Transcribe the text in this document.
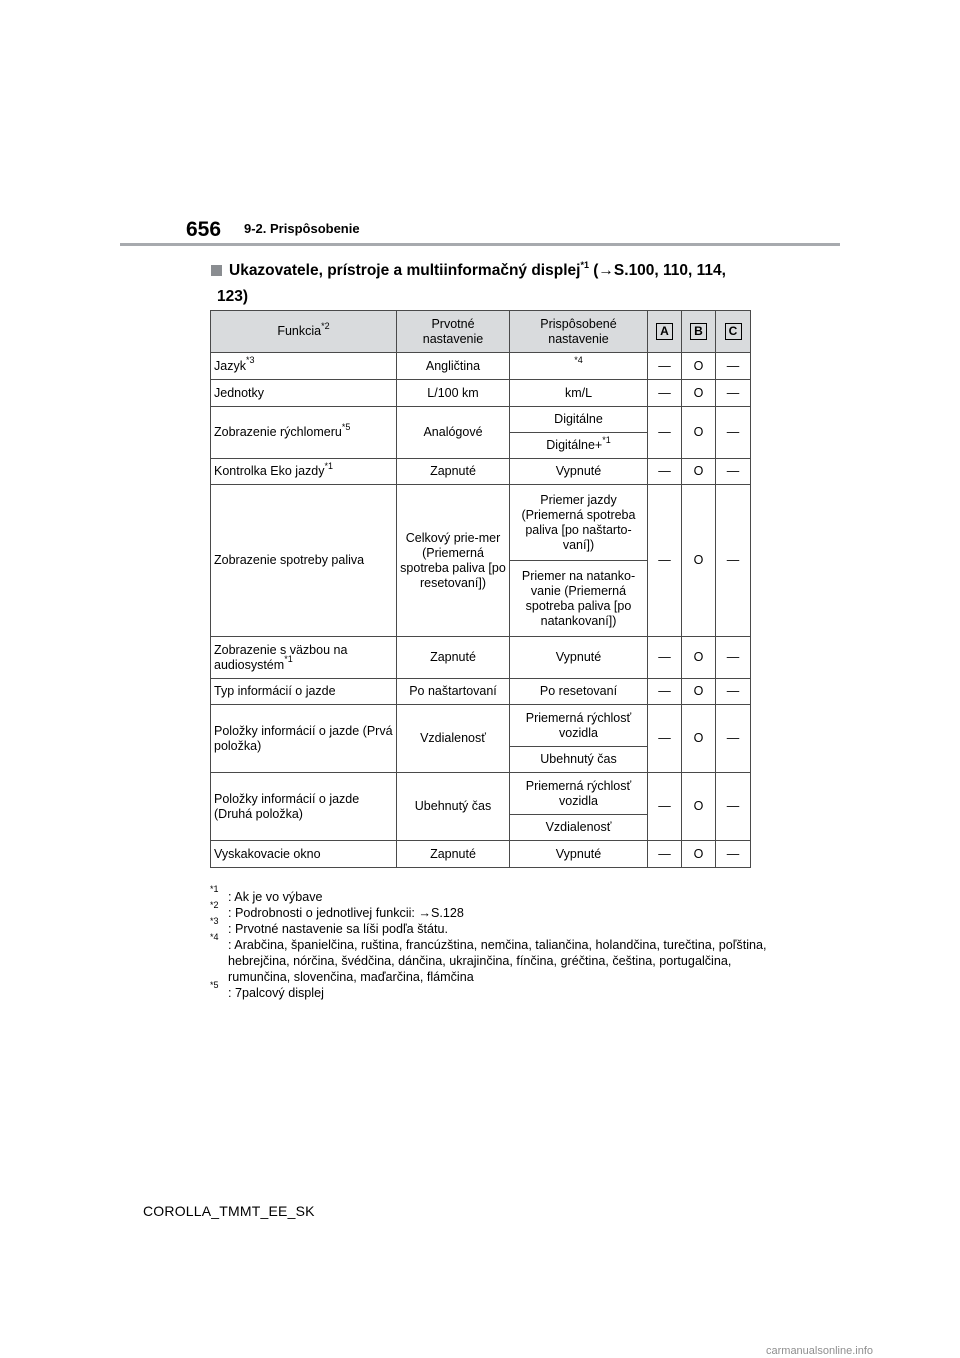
656 9-2. Prispôsobenie
Ukazovatele, prístroje a multiinformačný displej$^{*1}$ (→S.100, 110, 114,
123)
Funkcia$^{*2}$	Prvotné nastavenie	Prispôsobené nastavenie	A	B	C
Jazyk$^{*3}$	Angličtina	$^{*4}$	—	O	—
Jednotky	L/100 km	km/L	—	O	—
Zobrazenie rýchlomeru$^{*5}$	Analógové	Digitálne	—	O	—
		Digitálne+$^{*1}$
Kontrolka Eko jazdy$^{*1}$	Zapnuté	Vypnuté	—	O	—
Zobrazenie spotreby paliva	Celkový prie-mer (Priemerná spotreba paliva [po resetovaní])	Priemer jazdy (Priemerná spotreba paliva [po naštarto-vaní])	—	O	—
		Priemer na natanko-vanie (Priemerná spotreba paliva [po natankovaní])			
Zobrazenie s väzbou na audiosystém$^{*1}$	Zapnuté	Vypnuté	—	O	—
Typ informácií o jazde	Po naštartovaní	Po resetovaní	—	O	—
Položky informácií o jazde (Prvá položka)	Vzdialenosť	Priemerná rýchlosť vozidla	—	O	—
		Ubehnutý čas			
Položky informácií o jazde (Druhá položka)	Ubehnutý čas	Priemerná rýchlosť vozidla	—	O	—
		Vzdialenosť			
Vyskakovacie okno	Zapnuté	Vypnuté	—	O	—
*1
: Ak je vo výbave
*2
: Podrobnosti o jednotlivej funkcii: →S.128
*3
: Prvotné nastavenie sa líši podľa štátu.
*4
: Arabčina, španielčina, ruština, francúzština, nemčina, taliančina, holandčina, turečtina, poľština, hebrejčina, nórčina, švédčina, dánčina, ukrajinčina, fínčina, gréčtina, čeština, portugalčina, rumunčina, slovenčina, maďarčina, flámčina
*5
: 7palcový displej
COROLLA_TMMT_EE_SK
carmanualsonline.info
